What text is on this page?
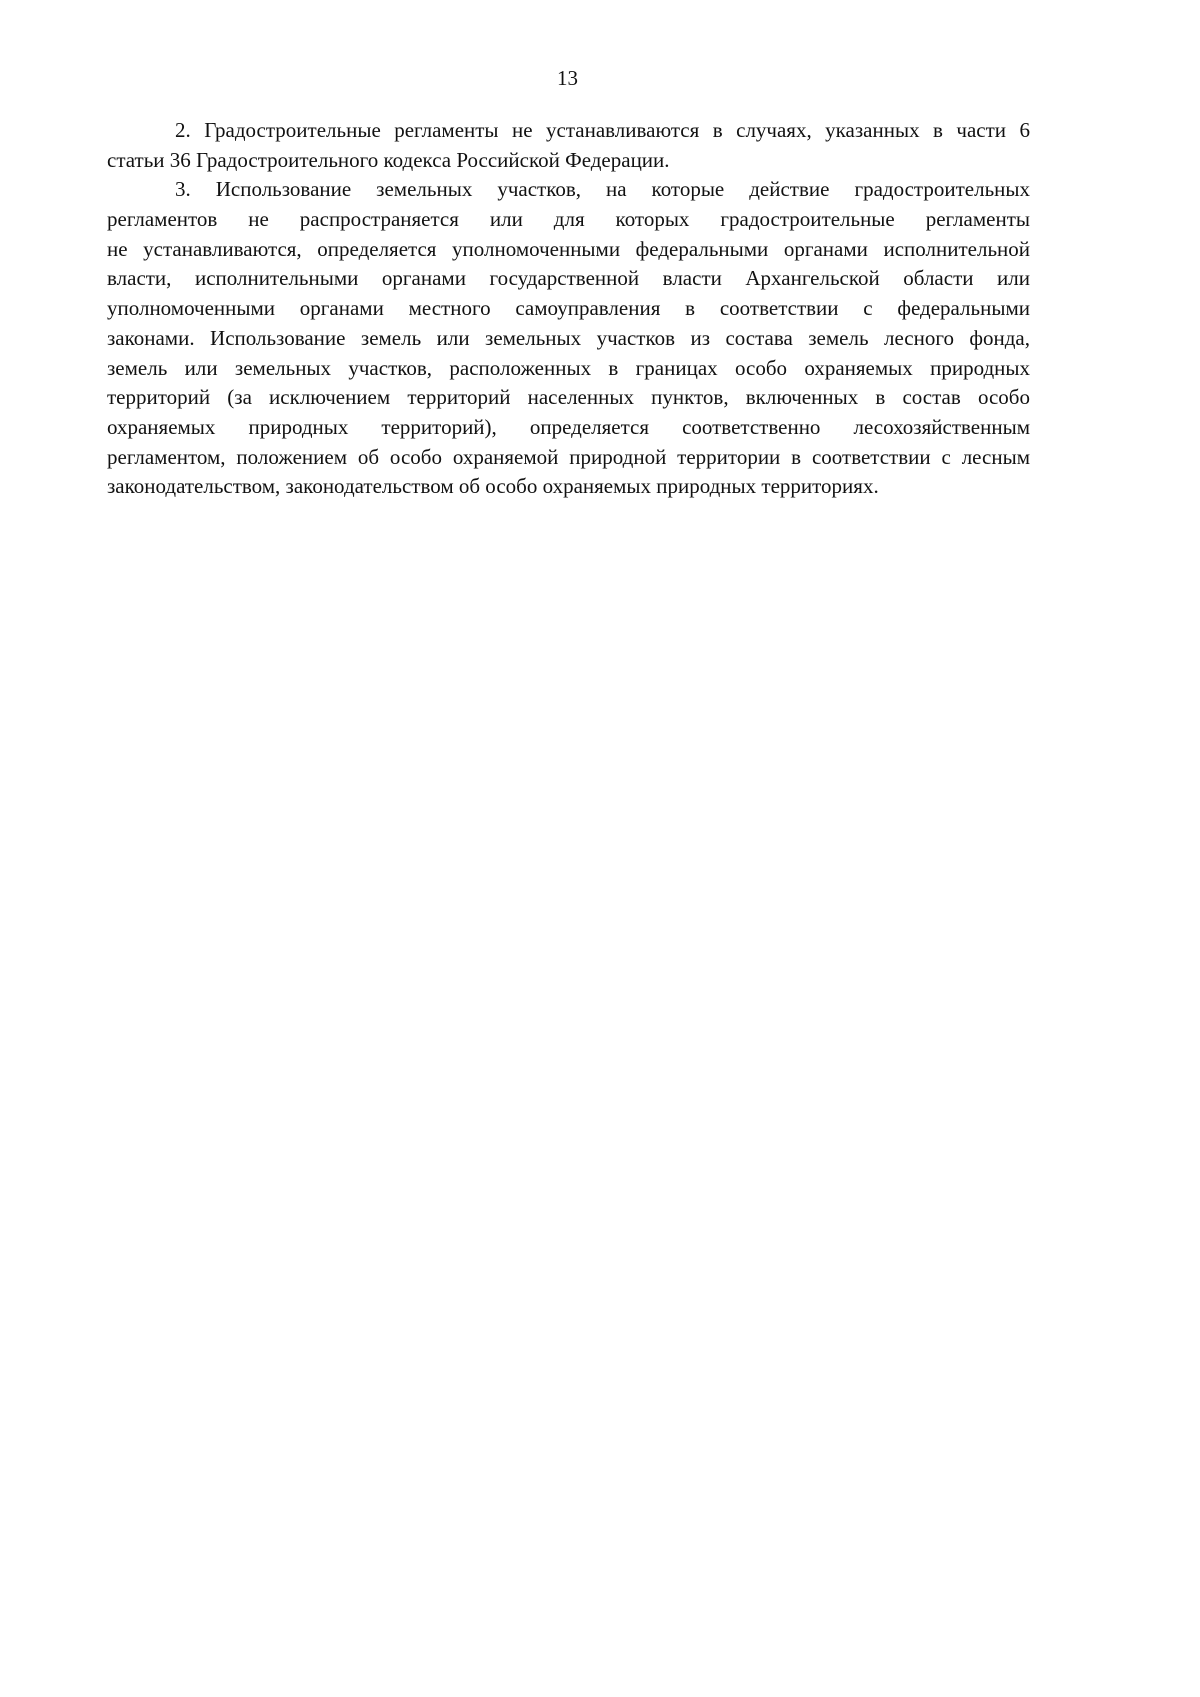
13
2. Градостроительные регламенты не устанавливаются в случаях, указанных в части 6
статьи 36 Градостроительного кодекса Российской Федерации.
3. Использование земельных участков, на которые действие градостроительных
регламентов не распространяется или для которых градостроительные регламенты
не устанавливаются, определяется уполномоченными федеральными органами исполнительной
власти, исполнительными органами государственной власти Архангельской области или
уполномоченными органами местного самоуправления в соответствии с федеральными
законами. Использование земель или земельных участков из состава земель лесного фонда,
земель или земельных участков, расположенных в границах особо охраняемых природных
территорий (за исключением территорий населенных пунктов, включенных в состав особо
охраняемых природных территорий), определяется соответственно лесохозяйственным
регламентом, положением об особо охраняемой природной территории в соответствии с лесным
законодательством, законодательством об особо охраняемых природных территориях.
